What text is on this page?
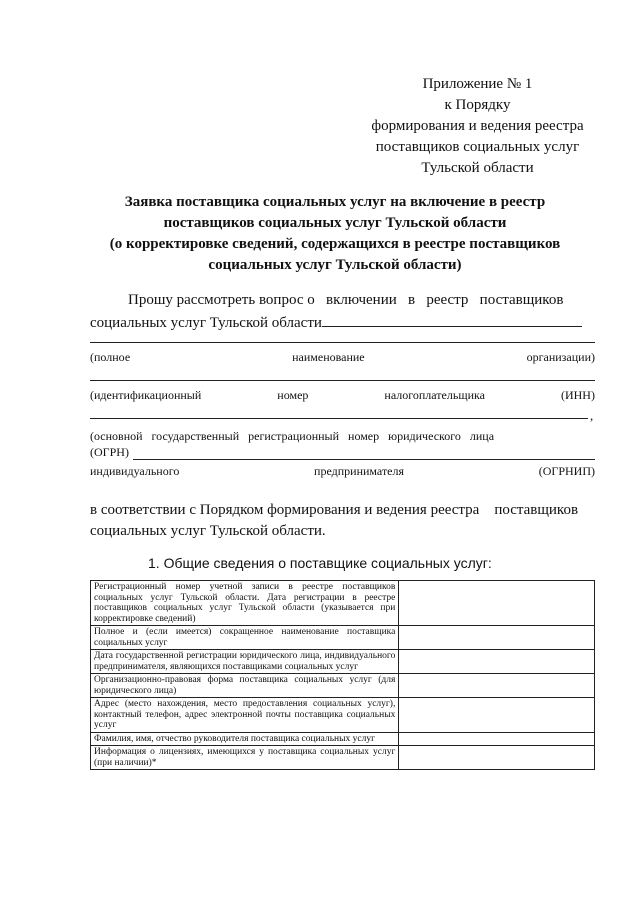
Приложение № 1
к Порядку
формирования и ведения реестра
поставщиков социальных услуг
Тульской области
Заявка поставщика социальных услуг на включение в реестр
поставщиков социальных услуг Тульской области
(о корректировке сведений, содержащихся в реестре поставщиков
социальных услуг Тульской области)
Прошу рассмотреть вопрос о   включении   в   реестр   поставщиков
социальных услуг Тульской области
(полное	наименование	организации)
(идентификационный	номер	налогоплательщика	(ИНН)
,
(основной   государственный   регистрационный   номер   юридического   лица
(ОГРН)
индивидуального	предпринимателя	(ОГРНИП)
в соответствии с Порядком формирования и ведения реестра    поставщиков
социальных услуг Тульской области.
1. Общие сведения о поставщике социальных услуг:
Регистрационный номер учетной записи в реестре поставщиков социальных услуг Тульской области. Дата регистрации в реестре поставщиков социальных услуг Тульской области (указывается при корректировке сведений)	
Полное и (если имеется) сокращенное наименование поставщика социальных услуг	
Дата государственной регистрации юридического лица, индивидуального предпринимателя, являющихся поставщиками социальных услуг	
Организационно-правовая форма поставщика социальных услуг (для юридического лица)	
Адрес (место нахождения, место предоставления социальных услуг), контактный телефон, адрес электронной почты поставщика социальных услуг	
Фамилия, имя, отчество руководителя поставщика социальных услуг	
Информация о лицензиях, имеющихся у поставщика социальных услуг (при наличии)*	
